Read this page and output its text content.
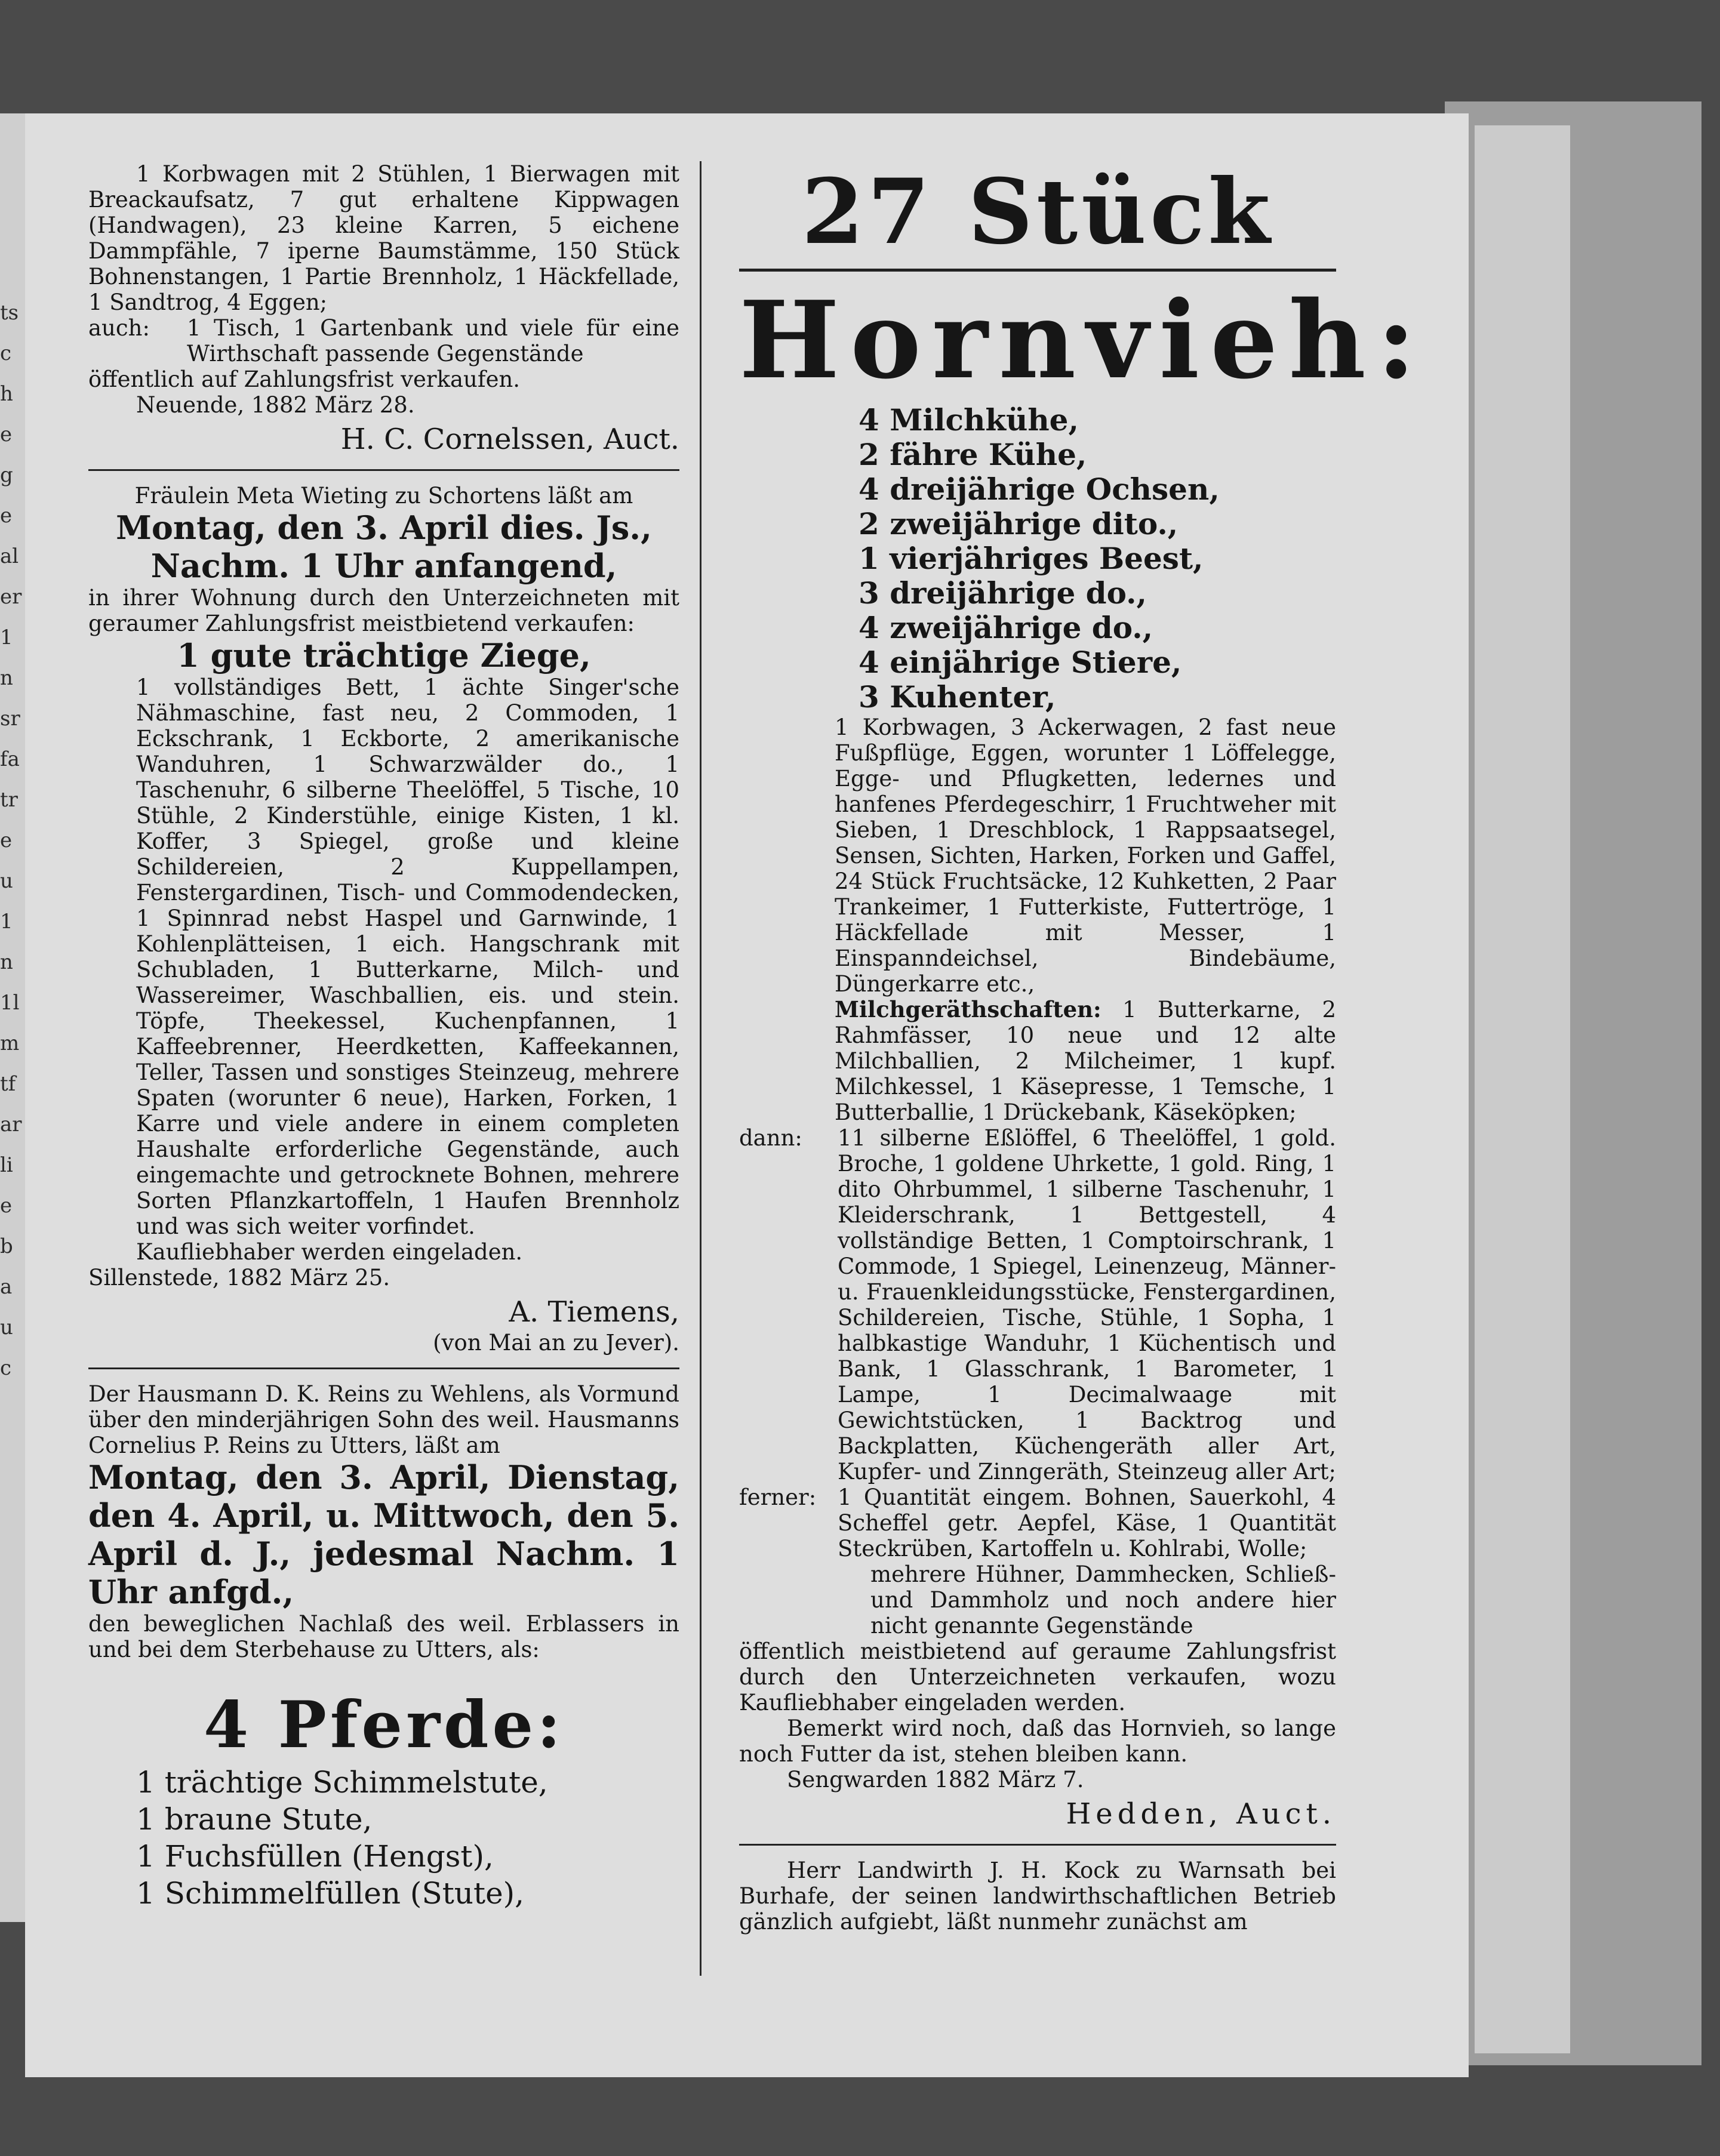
tschegealer1nsrfatreu1n1lmtfarliebauc
1 Korbwagen mit 2 Stühlen, 1 Bierwagen mit Breackaufsatz, 7 gut erhaltene Kippwagen (Handwagen), 23 kleine Karren, 5 eichene Dammpfähle, 7 iperne Baumstämme, 150 Stück Bohnenstangen, 1 Partie Brennholz, 1 Häckfellade, 1 Sandtrog, 4 Eggen;
auch:	1 Tisch, 1 Gartenbank und viele für eine Wirthschaft passende Gegenstände
öffentlich auf Zahlungsfrist verkaufen.
Neuende, 1882 März 28.
H. C. Cornelssen, Auct.
Fräulein Meta Wieting zu Schortens läßt am
Montag, den 3. April dies. Js.,
Nachm. 1 Uhr anfangend,
in ihrer Wohnung durch den Unterzeichneten mit geraumer Zahlungsfrist meistbietend verkaufen:
1 gute trächtige Ziege,
1 vollständiges Bett, 1 ächte Singer'sche Nähmaschine, fast neu, 2 Commoden, 1 Eckschrank, 1 Eckborte, 2 amerikanische Wanduhren, 1 Schwarzwälder do., 1 Taschenuhr, 6 silberne Theelöffel, 5 Tische, 10 Stühle, 2 Kinderstühle, einige Kisten, 1 kl. Koffer, 3 Spiegel, große und kleine Schildereien, 2 Kuppellampen, Fenstergardinen, Tisch- und Commodendecken, 1 Spinnrad nebst Haspel und Garnwinde, 1 Kohlenplätteisen, 1 eich. Hangschrank mit Schubladen, 1 Butterkarne, Milch- und Wassereimer, Waschballien, eis. und stein. Töpfe, Theekessel, Kuchenpfannen, 1 Kaffeebrenner, Heerdketten, Kaffeekannen, Teller, Tassen und sonstiges Steinzeug, mehrere Spaten (worunter 6 neue), Harken, Forken, 1 Karre und viele andere in einem completen Haushalte erforderliche Gegenstände, auch eingemachte und getrocknete Bohnen, mehrere Sorten Pflanzkartoffeln, 1 Haufen Brennholz und was sich weiter vorfindet.
Kaufliebhaber werden eingeladen.
Sillenstede, 1882 März 25.
A. Tiemens,
(von Mai an zu Jever).
Der Hausmann D. K. Reins zu Wehlens, als Vormund über den minderjährigen Sohn des weil. Hausmanns Cornelius P. Reins zu Utters, läßt am
Montag, den 3. April, Dienstag, den 4. April, u. Mittwoch, den 5. April d. J., jedesmal Nachm. 1 Uhr anfgd.,
den beweglichen Nachlaß des weil. Erblassers in und bei dem Sterbehause zu Utters, als:
4 Pferde:
1 trächtige Schimmelstute,
1 braune Stute,
1 Fuchsfüllen (Hengst),
1 Schimmelfüllen (Stute),
27 Stück
Hornvieh:
4 Milchkühe,
2 fähre Kühe,
4 dreijährige Ochsen,
2 zweijährige dito.,
1 vierjähriges Beest,
3 dreijährige do.,
4 zweijährige do.,
4 einjährige Stiere,
3 Kuhenter,
1 Korbwagen, 3 Ackerwagen, 2 fast neue Fußpflüge, Eggen, worunter 1 Löffelegge, Egge- und Pflugketten, ledernes und hanfenes Pferdegeschirr, 1 Fruchtweher mit Sieben, 1 Dreschblock, 1 Rappsaatsegel, Sensen, Sichten, Harken, Forken und Gaffel, 24 Stück Fruchtsäcke, 12 Kuhketten, 2 Paar Trankeimer, 1 Futterkiste, Futtertröge, 1 Häckfellade mit Messer, 1 Einspanndeichsel, Bindebäume, Düngerkarre etc.,
Milchgeräthschaften: 1 Butterkarne, 2 Rahmfässer, 10 neue und 12 alte Milchballien, 2 Milcheimer, 1 kupf. Milchkessel, 1 Käsepresse, 1 Temsche, 1 Butterballie, 1 Drückebank, Käseköpken;
dann:	11 silberne Eßlöffel, 6 Theelöffel, 1 gold. Broche, 1 goldene Uhrkette, 1 gold. Ring, 1 dito Ohrbummel, 1 silberne Taschenuhr, 1 Kleiderschrank, 1 Bettgestell, 4 vollständige Betten, 1 Comptoirschrank, 1 Commode, 1 Spiegel, Leinenzeug, Männer- u. Frauenkleidungsstücke, Fenstergardinen, Schildereien, Tische, Stühle, 1 Sopha, 1 halbkastige Wanduhr, 1 Küchentisch und Bank, 1 Glasschrank, 1 Barometer, 1 Lampe, 1 Decimalwaage mit Gewichtstücken, 1 Backtrog und Backplatten, Küchengeräth aller Art, Kupfer- und Zinngeräth, Steinzeug aller Art;
ferner: 1 Quantität eingem. Bohnen, Sauerkohl, 4 Scheffel getr. Aepfel, Käse, 1 Quantität Steckrüben, Kartoffeln u. Kohlrabi, Wolle;
mehrere Hühner, Dammhecken, Schließ- und Dammholz und noch andere hier nicht genannte Gegenstände
öffentlich meistbietend auf geraume Zahlungsfrist durch den Unterzeichneten verkaufen, wozu Kaufliebhaber eingeladen werden.
Bemerkt wird noch, daß das Hornvieh, so lange noch Futter da ist, stehen bleiben kann.
Sengwarden 1882 März 7.
Hedden, Auct.
Herr Landwirth J. H. Kock zu Warnsath bei Burhafe, der seinen landwirthschaftlichen Betrieb gänzlich aufgiebt, läßt nunmehr zunächst am
